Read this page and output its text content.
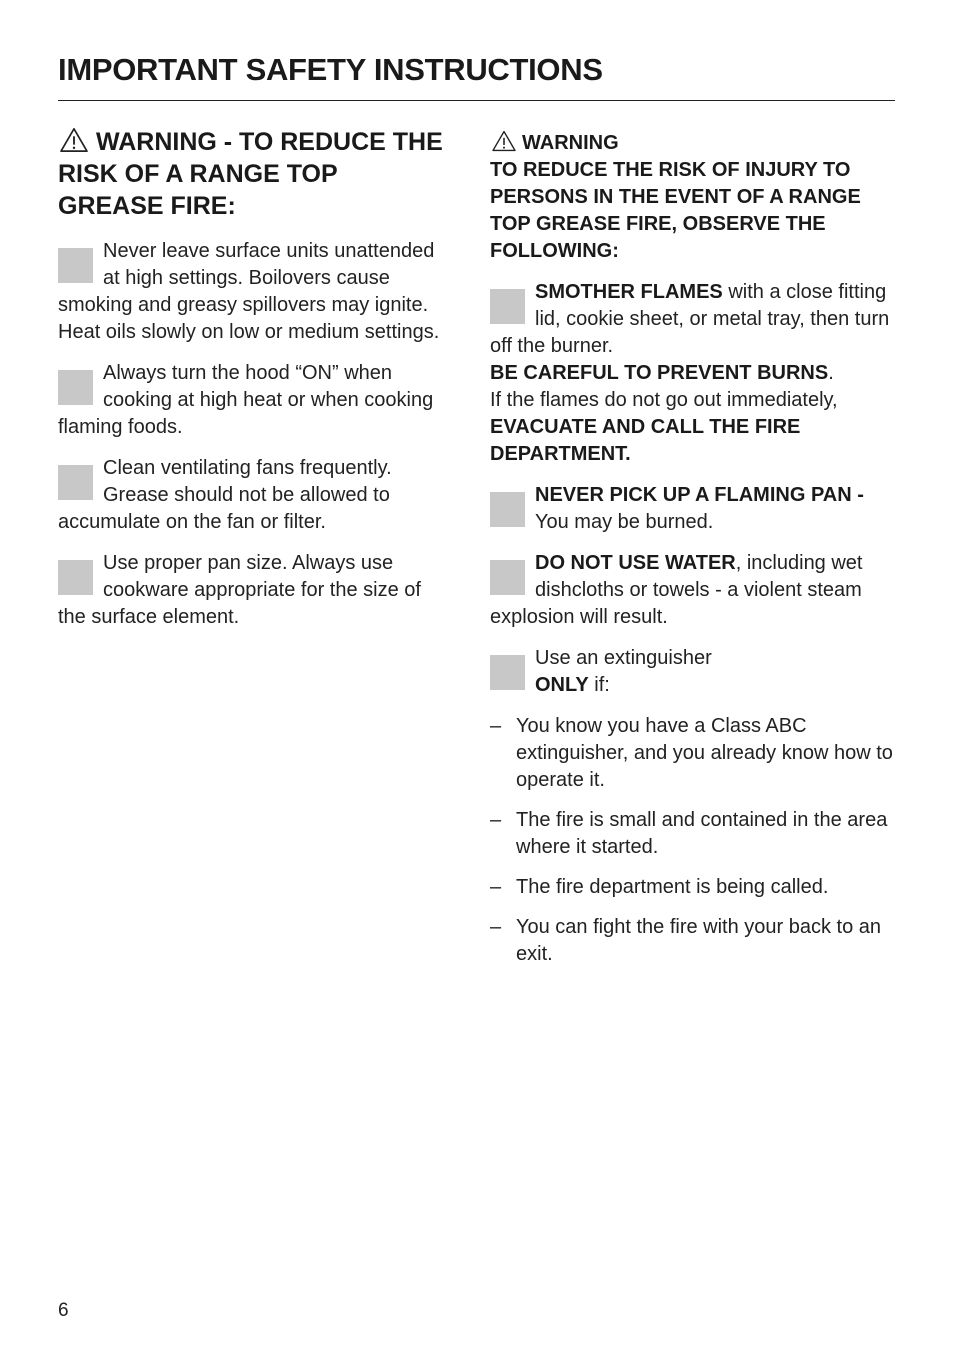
IMPORTANT SAFETY INSTRUCTIONS
WARNING - TO REDUCE THE RISK OF A RANGE TOP GREASE FIRE:
Never leave surface units unattended at high settings. Boilovers cause smoking and greasy spillovers may ignite. Heat oils slowly on low or medium settings.
Always turn the hood “ON” when cooking at high heat or when cooking flaming foods.
Clean ventilating fans frequently. Grease should not be allowed to accumulate on the fan or filter.
Use proper pan size. Always use cookware appropriate for the size of the surface element.
WARNING
TO REDUCE THE RISK OF INJURY TO PERSONS IN THE EVENT OF A RANGE TOP GREASE FIRE, OBSERVE THE FOLLOWING:
SMOTHER FLAMES with a close fitting lid, cookie sheet, or metal tray, then turn off the burner.
BE CAREFUL TO PREVENT BURNS.
If the flames do not go out immediately, EVACUATE AND CALL THE FIRE DEPARTMENT.
NEVER PICK UP A FLAMING PAN - You may be burned.
DO NOT USE WATER, including wet dishcloths or towels - a violent steam explosion will result.
Use an extinguisher
ONLY if:
– You know you have a Class ABC extinguisher, and you already know how to operate it.
– The fire is small and contained in the area where it started.
– The fire department is being called.
– You can fight the fire with your back to an exit.
6
